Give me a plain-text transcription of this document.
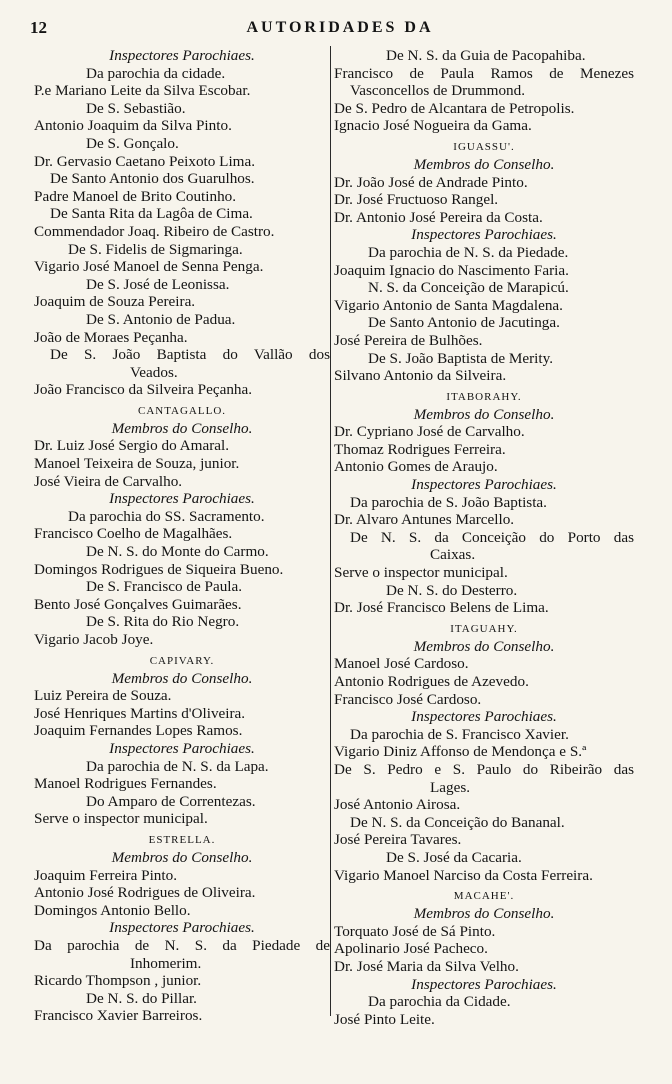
12	AUTORIDADES DA

Inspectores Parochiaes.

Da parochia da cidade.

P.e Mariano Leite da Silva Escobar.

De S. Sebastião.

Antonio Joaquim da Silva Pinto.

De S. Gonçalo.

Dr. Gervasio Caetano Peixoto Lima.

De Santo Antonio dos Guarulhos.

Padre Manoel de Brito Coutinho.

De Santa Rita da Lagôa de Cima.

Commendador Joaq. Ribeiro de Castro.

De S. Fidelis de Sigmaringa.

Vigario José Manoel de Senna Penga.

De S. José de Leonissa.

Joaquim de Souza Pereira.

De S. Antonio de Padua.

João de Moraes Peçanha.

De S. João Baptista do Vallão dos

Veados.

João Francisco da Silveira Peçanha.

CANTAGALLO.

Membros do Conselho.

Dr. Luiz José Sergio do Amaral.

Manoel Teixeira de Souza, junior.

José Vieira de Carvalho.

Inspectores Parochiaes.

Da parochia do SS. Sacramento.

Francisco Coelho de Magalhães.

De N. S. do Monte do Carmo.

Domingos Rodrigues de Siqueira Bueno.

De S. Francisco de Paula.

Bento José Gonçalves Guimarães.

De S. Rita do Rio Negro.

Vigario Jacob Joye.

CAPIVARY.

Membros do Conselho.

Luiz Pereira de Souza.

José Henriques Martins d'Oliveira.

Joaquim Fernandes Lopes Ramos.

Inspectores Parochiaes.

Da parochia de N. S. da Lapa.

Manoel Rodrigues Fernandes.

Do Amparo de Correntezas.

Serve o inspector municipal.

ESTRELLA.

Membros do Conselho.

Joaquim Ferreira Pinto.

Antonio José Rodrigues de Oliveira.

Domingos Antonio Bello.

Inspectores Parochiaes.

Da parochia de N. S. da Piedade de

Inhomerim.

Ricardo Thompson , junior.

De N. S. do Pillar.

Francisco Xavier Barreiros.

De N. S. da Guia de Pacopahiba.

Francisco de Paula Ramos de Menezes

Vasconcellos de Drummond.

De S. Pedro de Alcantara de Petropolis.

Ignacio José Nogueira da Gama.

IGUASSU'.

Membros do Conselho.

Dr. João José de Andrade Pinto.

Dr. José Fructuoso Rangel.

Dr. Antonio José Pereira da Costa.

Inspectores Parochiaes.

Da parochia de N. S. da Piedade.

Joaquim Ignacio do Nascimento Faria.

N. S. da Conceição de Marapicú.

Vigario Antonio de Santa Magdalena.

De Santo Antonio de Jacutinga.

José Pereira de Bulhões.

De S. João Baptista de Merity.

Silvano Antonio da Silveira.

ITABORAHY.

Membros do Conselho.

Dr. Cypriano José de Carvalho.

Thomaz Rodrigues Ferreira.

Antonio Gomes de Araujo.

Inspectores Parochiaes.

Da parochia de S. João Baptista.

Dr. Alvaro Antunes Marcello.

De N. S. da Conceição do Porto das

Caixas.

Serve o inspector municipal.

De N. S. do Desterro.

Dr. José Francisco Belens de Lima.

ITAGUAHY.

Membros do Conselho.

Manoel José Cardoso.

Antonio Rodrigues de Azevedo.

Francisco José Cardoso.

Inspectores Parochiaes.

Da parochia de S. Francisco Xavier.

Vigario Diniz Affonso de Mendonça e S.ª

De S. Pedro e S. Paulo do Ribeirão das

Lages.

José Antonio Airosa.

De N. S. da Conceição do Bananal.

José Pereira Tavares.

De S. José da Cacaria.

Vigario Manoel Narciso da Costa Ferreira.

MACAHE'.

Membros do Conselho.

Torquato José de Sá Pinto.

Apolinario José Pacheco.

Dr. José Maria da Silva Velho.

Inspectores Parochiaes.

Da parochia da Cidade.

José Pinto Leite.
